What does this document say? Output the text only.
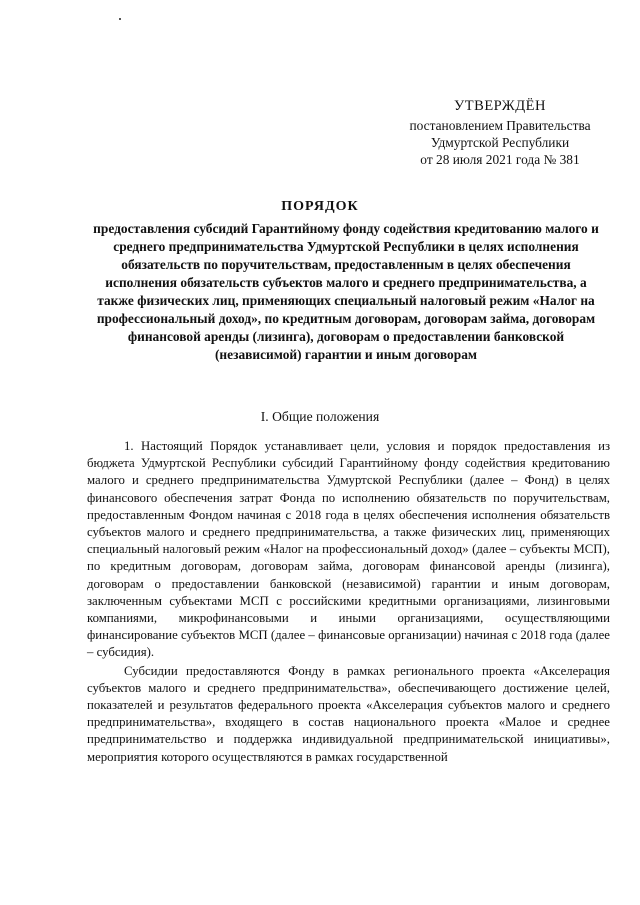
УТВЕРЖДЁН
постановлением Правительства
Удмуртской Республики
от 28 июля 2021 года № 381
ПОРЯДОК
предоставления субсидий Гарантийному фонду содействия кредитованию малого и среднего предпринимательства Удмуртской Республики в целях исполнения обязательств по поручительствам, предоставленным в целях обеспечения исполнения обязательств субъектов малого и среднего предпринимательства, а также физических лиц, применяющих специальный налоговый режим «Налог на профессиональный доход», по кредитным договорам, договорам займа, договорам финансовой аренды (лизинга), договорам о предоставлении банковской (независимой) гарантии и иным договорам
I. Общие положения

1. Настоящий Порядок устанавливает цели, условия и порядок предоставления из бюджета Удмуртской Республики субсидий Гарантийному фонду содействия кредитованию малого и среднего предпринимательства Удмуртской Республики (далее – Фонд) в целях финансового обеспечения затрат Фонда по исполнению обязательств по поручительствам, предоставленным Фондом начиная с 2018 года в целях обеспечения исполнения обязательств субъектов малого и среднего предпринимательства, а также физических лиц, применяющих специальный налоговый режим «Налог на профессиональный доход» (далее – субъекты МСП), по кредитным договорам, договорам займа, договорам финансовой аренды (лизинга), договорам о предоставлении банковской (независимой) гарантии и иным договорам, заключенным субъектами МСП с российскими кредитными организациями, лизинговыми компаниями, микрофинансовыми и иными организациями, осуществляющими финансирование субъектов МСП (далее – финансовые организации) начиная с 2018 года (далее – субсидия).

Субсидии предоставляются Фонду в рамках регионального проекта «Акселерация субъектов малого и среднего предпринимательства», обеспечивающего достижение целей, показателей и результатов федерального проекта «Акселерация субъектов малого и среднего предпринимательства», входящего в состав национального проекта «Малое и среднее предпринимательство и поддержка индивидуальной предпринимательской инициативы», мероприятия которого осуществляются в рамках государственной
